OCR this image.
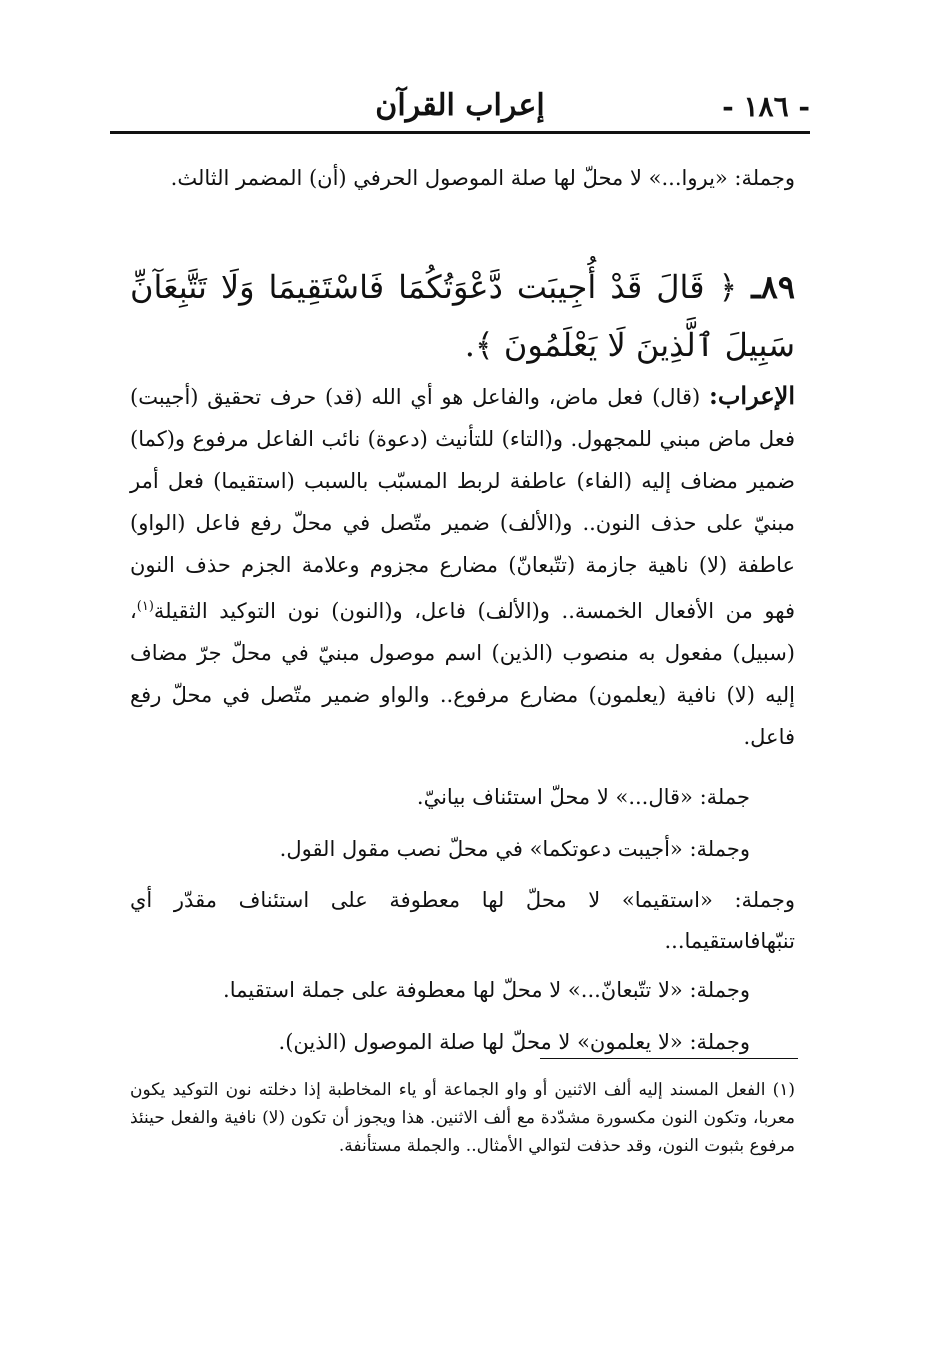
- ١٨٦ -
إعراب القرآن

وجملة: «يروا...» لا محلّ لها صلة الموصول الحرفي (أن) المضمر الثالث.

٨٩ـ ﴿ قَالَ قَدْ أُجِيبَت دَّعْوَتُكُمَا فَاسْتَقِيمَا وَلَا تَتَّبِعَآنِّ سَبِيلَ ٱلَّذِينَ لَا يَعْلَمُونَ ﴾.
الإعراب: (قال) فعل ماض، والفاعل هو أي الله (قد) حرف تحقيق (أجيبت) فعل ماض مبني للمجهول. و(التاء) للتأنيث (دعوة) نائب الفاعل مرفوع و(كما) ضمير مضاف إليه (الفاء) عاطفة لربط المسبّب بالسبب (استقيما) فعل أمر مبنيّ على حذف النون.. و(الألف) ضمير متّصل في محلّ رفع فاعل (الواو) عاطفة (لا) ناهية جازمة (تتّبعانّ) مضارع مجزوم وعلامة الجزم حذف النون فهو من الأفعال الخمسة.. و(الألف) فاعل، و(النون) نون التوكيد الثقيلة$^{(١)}$، (سبيل) مفعول به منصوب (الذين) اسم موصول مبنيّ في محلّ جرّ مضاف إليه (لا) نافية (يعلمون) مضارع مرفوع.. والواو ضمير متّصل في محلّ رفع فاعل.
جملة: «قال...» لا محلّ استئناف بيانيّ.
وجملة: «أجيبت دعوتكما» في محلّ نصب مقول القول.
وجملة: «استقيما» لا محلّ لها معطوفة على استئناف مقدّر أي تنبّهافاستقيما...
وجملة: «لا تتّبعانّ...» لا محلّ لها معطوفة على جملة استقيما.
وجملة: «لا يعلمون» لا محلّ لها صلة الموصول (الذين).
(١) الفعل المسند إليه ألف الاثنين أو واو الجماعة أو ياء المخاطبة إذا دخلته نون التوكيد يكون معربا، وتكون النون مكسورة مشدّدة مع ألف الاثنين. هذا ويجوز أن تكون (لا) نافية والفعل حينئذ مرفوع بثبوت النون، وقد حذفت لتوالي الأمثال.. والجملة مستأنفة.
